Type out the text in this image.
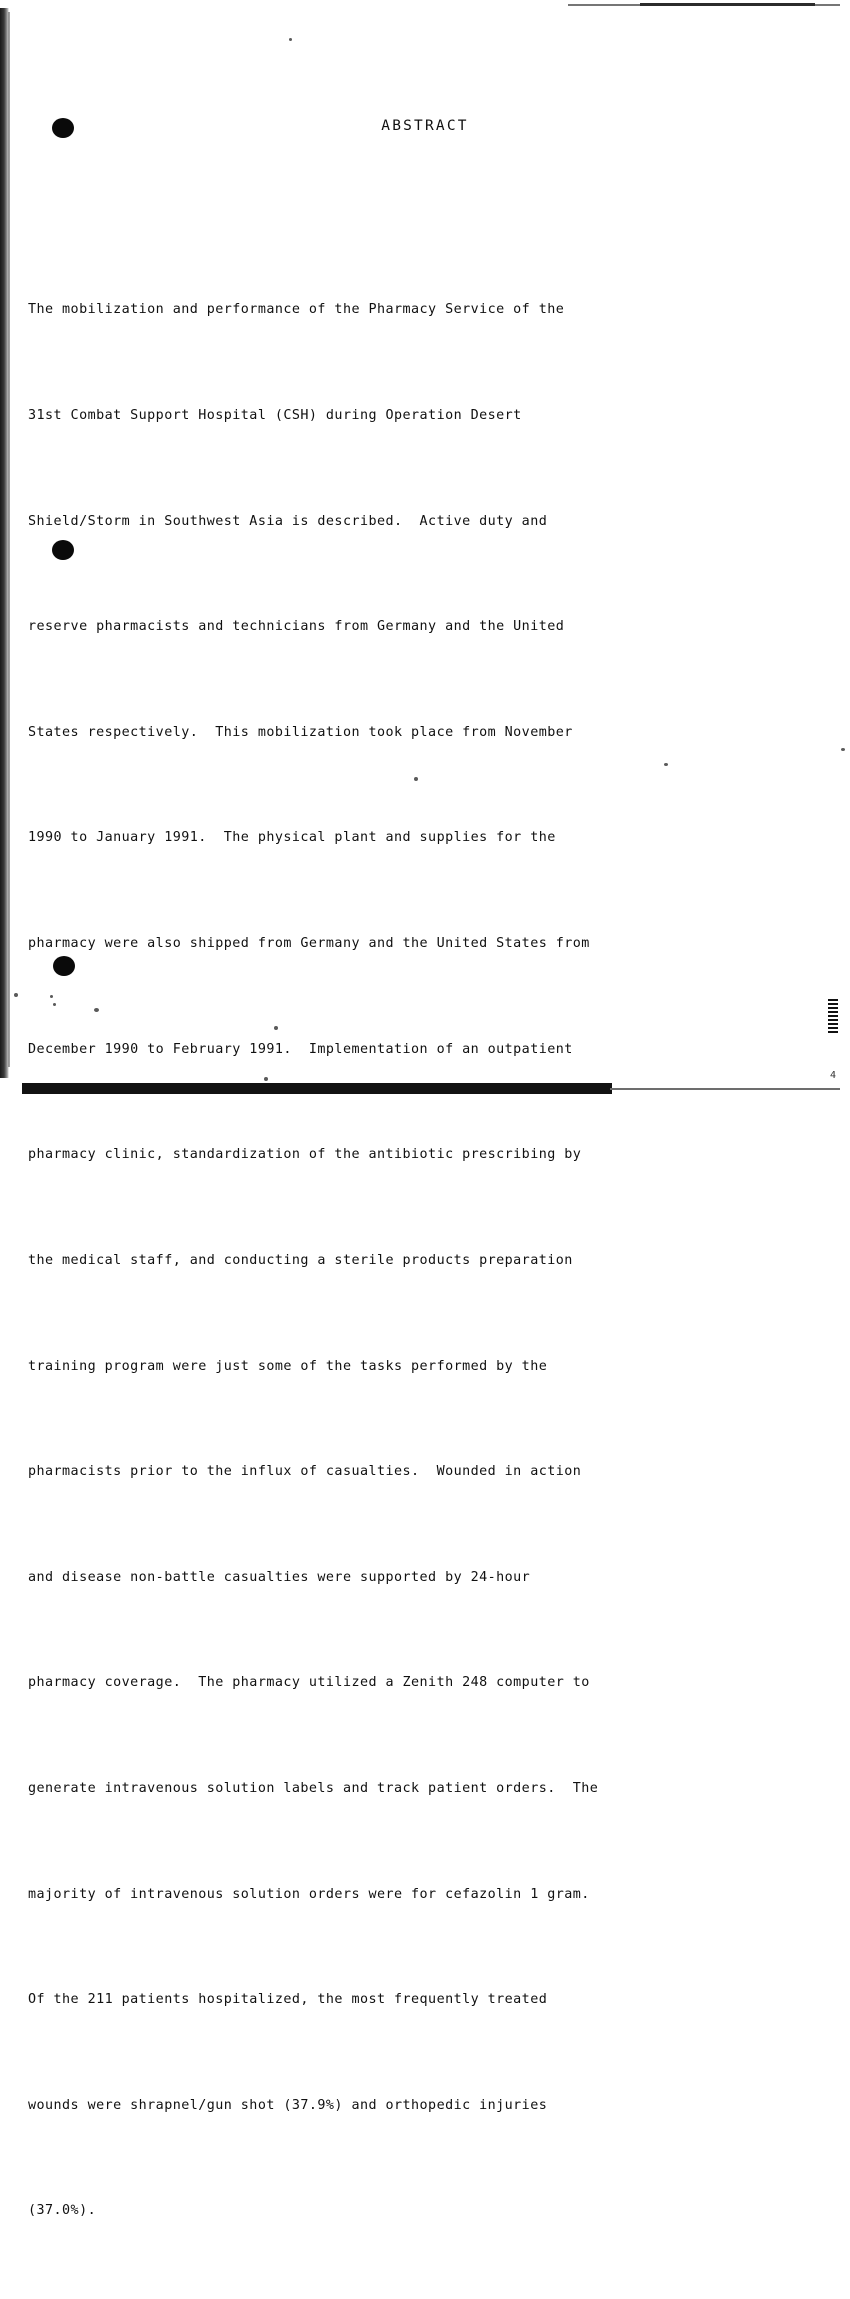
4
ABSTRACT

The mobilization and performance of the Pharmacy Service of the

31st Combat Support Hospital (CSH) during Operation Desert

Shield/Storm in Southwest Asia is described.  Active duty and

reserve pharmacists and technicians from Germany and the United

States respectively.  This mobilization took place from November

1990 to January 1991.  The physical plant and supplies for the

pharmacy were also shipped from Germany and the United States from

December 1990 to February 1991.  Implementation of an outpatient

pharmacy clinic, standardization of the antibiotic prescribing by

the medical staff, and conducting a sterile products preparation

training program were just some of the tasks performed by the

pharmacists prior to the influx of casualties.  Wounded in action

and disease non-battle casualties were supported by 24-hour

pharmacy coverage.  The pharmacy utilized a Zenith 248 computer to

generate intravenous solution labels and track patient orders.  The

majority of intravenous solution orders were for cefazolin 1 gram.

Of the 211 patients hospitalized, the most frequently treated

wounds were shrapnel/gun shot (37.9%) and orthopedic injuries

(37.0%).
